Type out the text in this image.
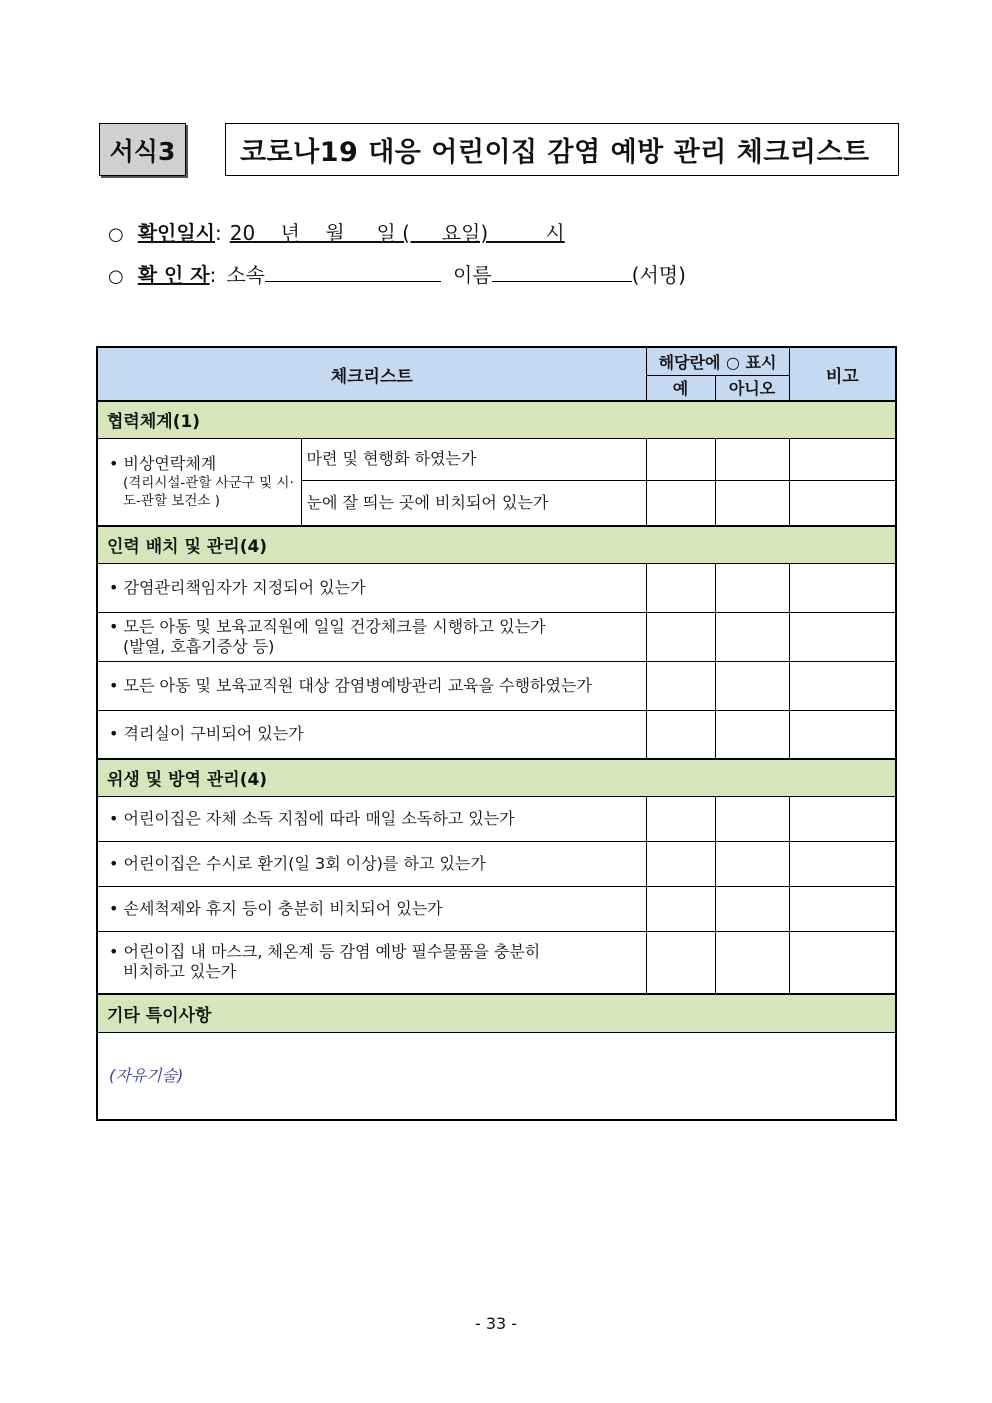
서식3	코로나19 대응 어린이집 감염 예방 관리 체크리스트
○ 확인일시 : 20    년    월     일 (     요일)         시
○ 확 인 자 : 소속	이름	(서명)
체크리스트		해당란에 ○ 표시		비고
		예	아니오	
협력체계(1)				
• 비상연락체계
(격리시설-관할 사군구 및 시·도-관할 보건소 )	마련 및 현행화 하였는가			
	눈에 잘 띄는 곳에 비치되어 있는가			
인력 배치 및 관리(4)				
• 감염관리책임자가 지정되어 있는가				
• 모든 아동 및 보육교직원에 일일 건강체크를 시행하고 있는가
(발열, 호흡기증상 등)				

• 모든 아동 및 보육교직원 대상 감염병예방관리 교육을 수행하였는가				
• 격리실이 구비되어 있는가				
위생 및 방역 관리(4)				
• 어린이집은 자체 소독 지침에 따라 매일 소독하고 있는가				
• 어린이집은 수시로 환기(일 3회 이상)를 하고 있는가				
• 손세척제와 휴지 등이 충분히 비치되어 있는가				
• 어린이집 내 마스크, 체온계 등 감염 예방 필수물품을 충분히
비치하고 있는가				

기타 특이사항				
(자유기술)				
- 33 -
